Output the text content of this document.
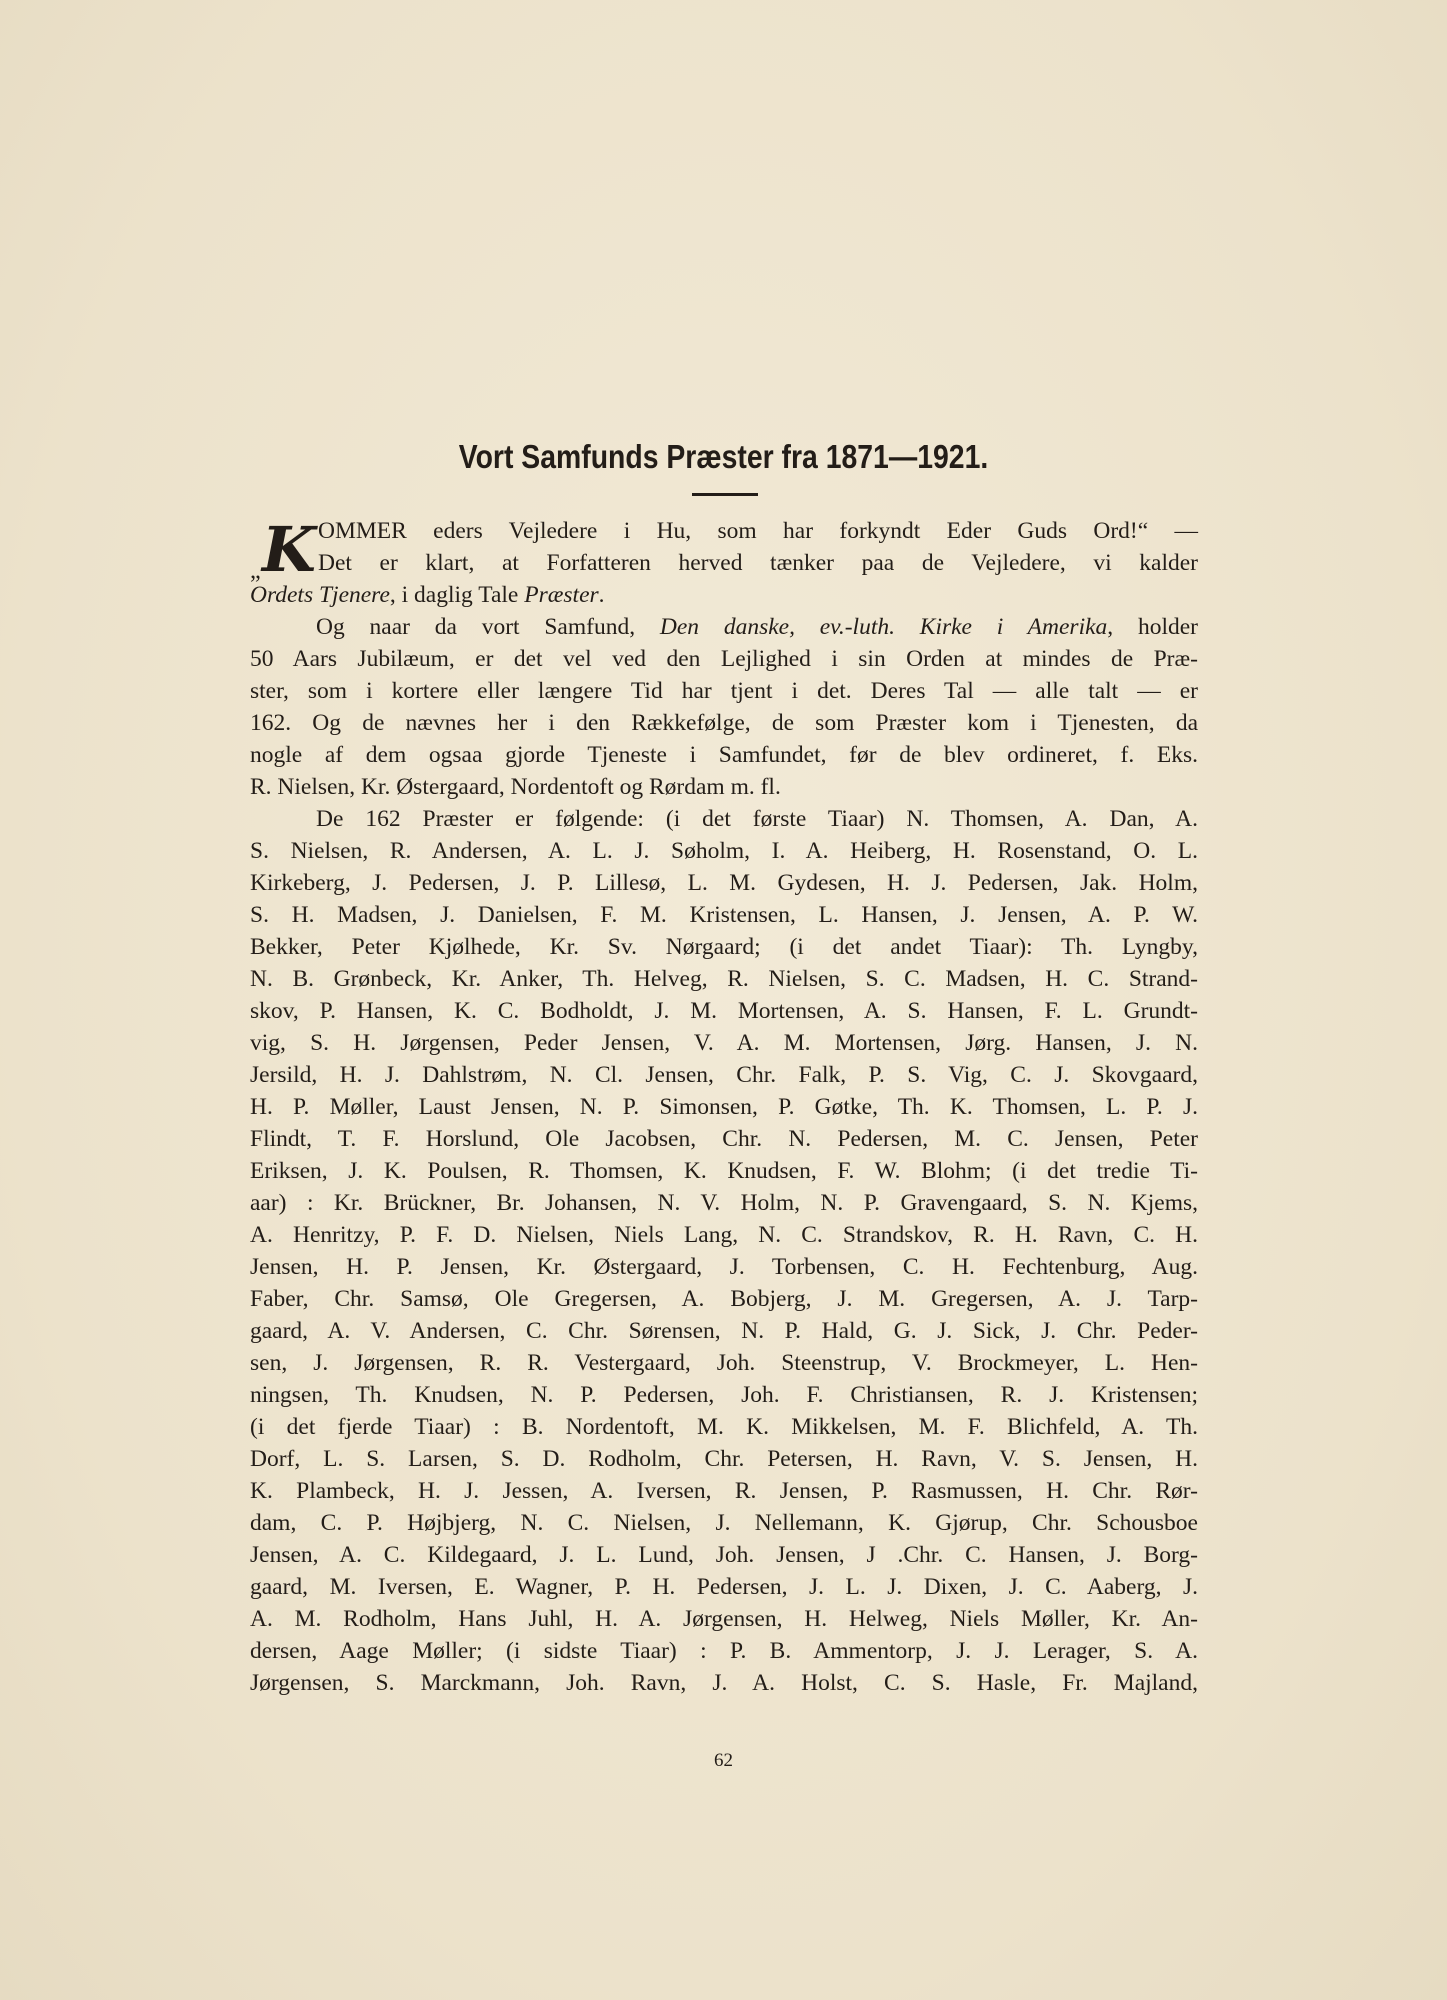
Vort Samfunds Præster fra 1871—1921.
K
„
OMMER eders Vejledere i Hu, som har forkyndt Eder Guds Ord!“ —
Det er klart, at Forfatteren herved tænker paa de Vejledere, vi kalder
Ordets Tjenere, i daglig Tale Præster.
Og naar da vort Samfund, Den danske, ev.-luth. Kirke i Amerika, holder
50 Aars Jubilæum, er det vel ved den Lejlighed i sin Orden at mindes de Præ-
ster, som i kortere eller længere Tid har tjent i det. Deres Tal — alle talt — er
162. Og de nævnes her i den Rækkefølge, de som Præster kom i Tjenesten, da
nogle af dem ogsaa gjorde Tjeneste i Samfundet, før de blev ordineret, f. Eks.
R. Nielsen, Kr. Østergaard, Nordentoft og Rørdam m. fl.
De 162 Præster er følgende: (i det første Tiaar) N. Thomsen, A. Dan, A.
S. Nielsen, R. Andersen, A. L. J. Søholm, I. A. Heiberg, H. Rosenstand, O. L.
Kirkeberg, J. Pedersen, J. P. Lillesø, L. M. Gydesen, H. J. Pedersen, Jak. Holm,
S. H. Madsen, J. Danielsen, F. M. Kristensen, L. Hansen, J. Jensen, A. P. W.
Bekker, Peter Kjølhede, Kr. Sv. Nørgaard; (i det andet Tiaar): Th. Lyngby,
N. B. Grønbeck, Kr. Anker, Th. Helveg, R. Nielsen, S. C. Madsen, H. C. Strand-
skov, P. Hansen, K. C. Bodholdt, J. M. Mortensen, A. S. Hansen, F. L. Grundt-
vig, S. H. Jørgensen, Peder Jensen, V. A. M. Mortensen, Jørg. Hansen, J. N.
Jersild, H. J. Dahlstrøm, N. Cl. Jensen, Chr. Falk, P. S. Vig, C. J. Skovgaard,
H. P. Møller, Laust Jensen, N. P. Simonsen, P. Gøtke, Th. K. Thomsen, L. P. J.
Flindt, T. F. Horslund, Ole Jacobsen, Chr. N. Pedersen, M. C. Jensen, Peter
Eriksen, J. K. Poulsen, R. Thomsen, K. Knudsen, F. W. Blohm; (i det tredie Ti-
aar) : Kr. Brückner, Br. Johansen, N. V. Holm, N. P. Gravengaard, S. N. Kjems,
A. Henritzy, P. F. D. Nielsen, Niels Lang, N. C. Strandskov, R. H. Ravn, C. H.
Jensen, H. P. Jensen, Kr. Østergaard, J. Torbensen, C. H. Fechtenburg, Aug.
Faber, Chr. Samsø, Ole Gregersen, A. Bobjerg, J. M. Gregersen, A. J. Tarp-
gaard, A. V. Andersen, C. Chr. Sørensen, N. P. Hald, G. J. Sick, J. Chr. Peder-
sen, J. Jørgensen, R. R. Vestergaard, Joh. Steenstrup, V. Brockmeyer, L. Hen-
ningsen, Th. Knudsen, N. P. Pedersen, Joh. F. Christiansen, R. J. Kristensen;
(i det fjerde Tiaar) : B. Nordentoft, M. K. Mikkelsen, M. F. Blichfeld, A. Th.
Dorf, L. S. Larsen, S. D. Rodholm, Chr. Petersen, H. Ravn, V. S. Jensen, H.
K. Plambeck, H. J. Jessen, A. Iversen, R. Jensen, P. Rasmussen, H. Chr. Rør-
dam, C. P. Højbjerg, N. C. Nielsen, J. Nellemann, K. Gjørup, Chr. Schousboe
Jensen, A. C. Kildegaard, J. L. Lund, Joh. Jensen, J .Chr. C. Hansen, J. Borg-
gaard, M. Iversen, E. Wagner, P. H. Pedersen, J. L. J. Dixen, J. C. Aaberg, J.
A. M. Rodholm, Hans Juhl, H. A. Jørgensen, H. Helweg, Niels Møller, Kr. An-
dersen, Aage Møller; (i sidste Tiaar) : P. B. Ammentorp, J. J. Lerager, S. A.
Jørgensen, S. Marckmann, Joh. Ravn, J. A. Holst, C. S. Hasle, Fr. Majland,
62
